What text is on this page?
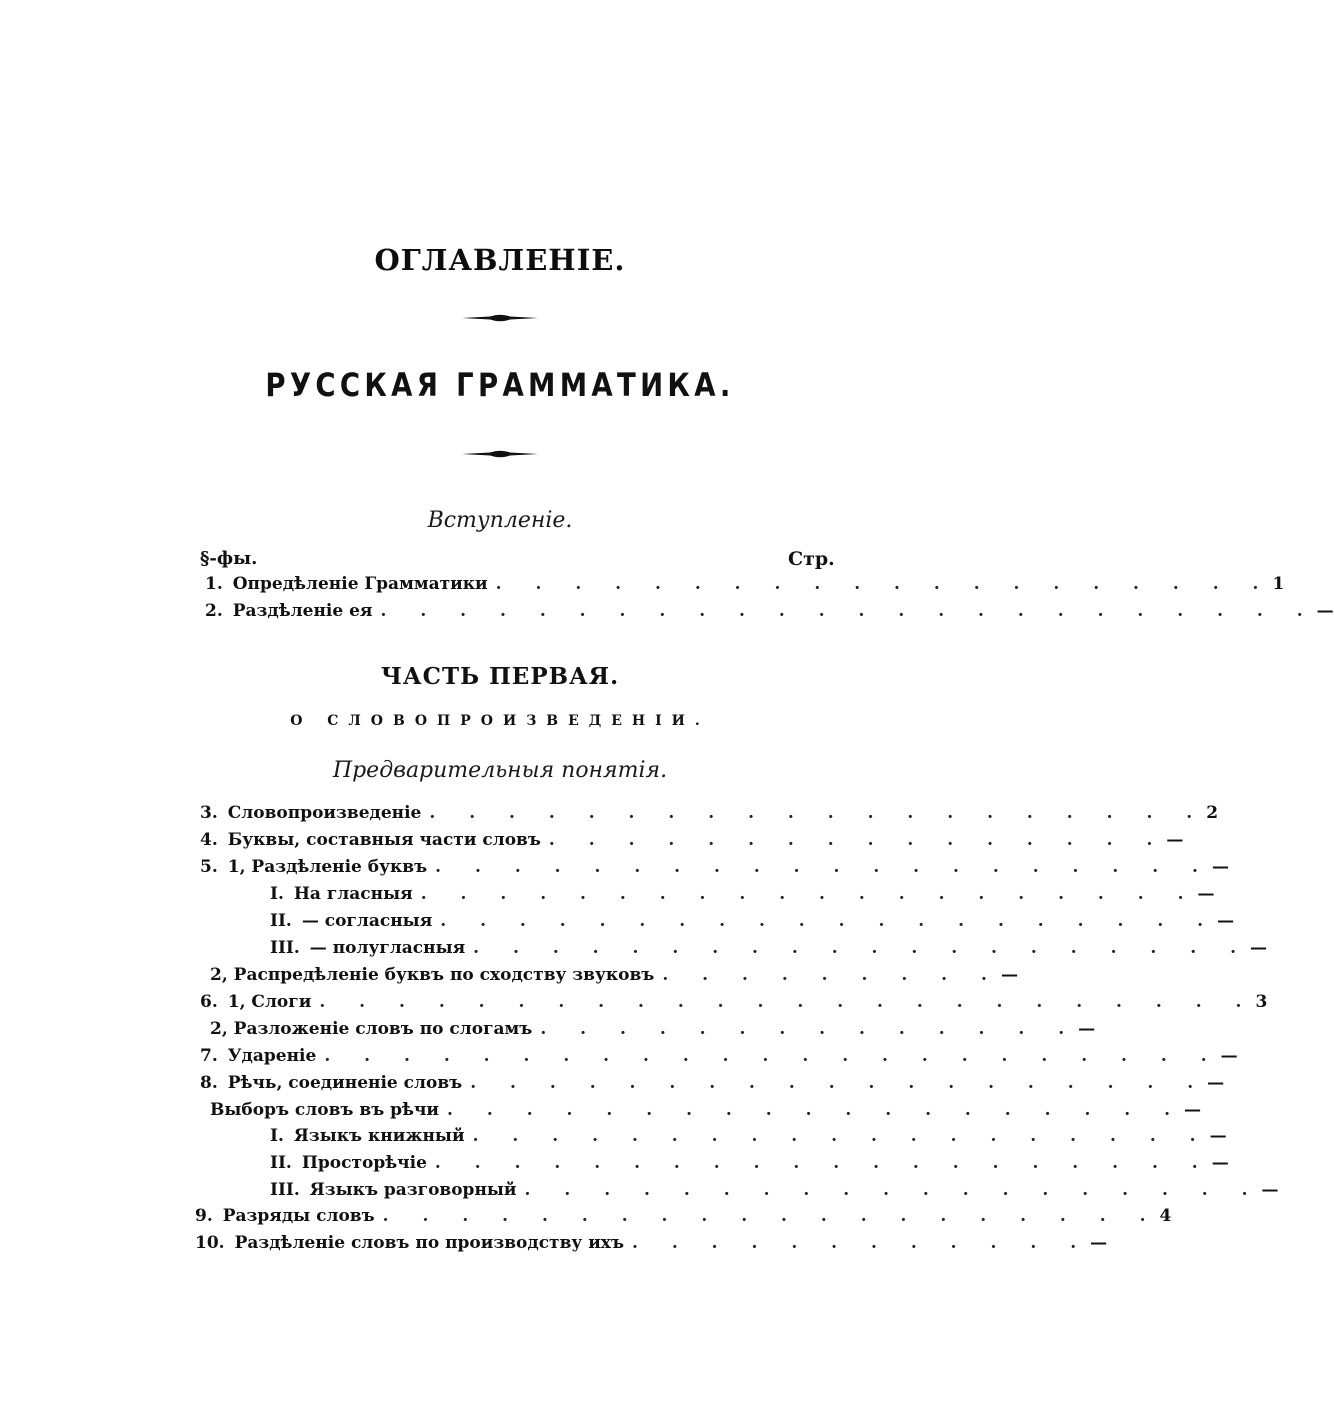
ОГЛАВЛЕНІЕ.
РУССКАЯ ГРАММАТИКА.
Вступленіе.
§-фы.	Стр.
1. Опредѣленіе Грамматики . . . . . . . . . . . . . . . . . . . . 1
2. Раздѣленіе ея . . . . . . . . . . . . . . . . . . . . . . . . —
ЧАСТЬ ПЕРВАЯ.
О СЛОВОПРОИЗВЕДЕНІИ.
Предварительныя понятія.
3. Словопроизведеніе . . . . . . . . . . . . . . . . . . . . 2
4. Буквы, составныя части словъ . . . . . . . . . . . . . . . . —
5. 1, Раздѣленіе буквъ . . . . . . . . . . . . . . . . . . . . —
I. На гласныя . . . . . . . . . . . . . . . . . . . . —
II. — согласныя . . . . . . . . . . . . . . . . . . . . —
III. — полугласныя . . . . . . . . . . . . . . . . . . . . —
2, Распредѣленіе буквъ по сходству звуковъ . . . . . . . . . —
6. 1, Слоги . . . . . . . . . . . . . . . . . . . . . . . . 3
2, Разложеніе словъ по слогамъ . . . . . . . . . . . . . . —
7. Удареніе . . . . . . . . . . . . . . . . . . . . . . . —
8. Рѣчь, соединеніе словъ . . . . . . . . . . . . . . . . . . . —
Выборъ словъ въ рѣчи . . . . . . . . . . . . . . . . . . . —
I. Языкъ книжный . . . . . . . . . . . . . . . . . . . —
II. Просторѣчіе . . . . . . . . . . . . . . . . . . . . —
III. Языкъ разговорный . . . . . . . . . . . . . . . . . . . —
9. Разряды словъ . . . . . . . . . . . . . . . . . . . . 4
10. Раздѣленіе словъ по производству ихъ . . . . . . . . . . . . —
